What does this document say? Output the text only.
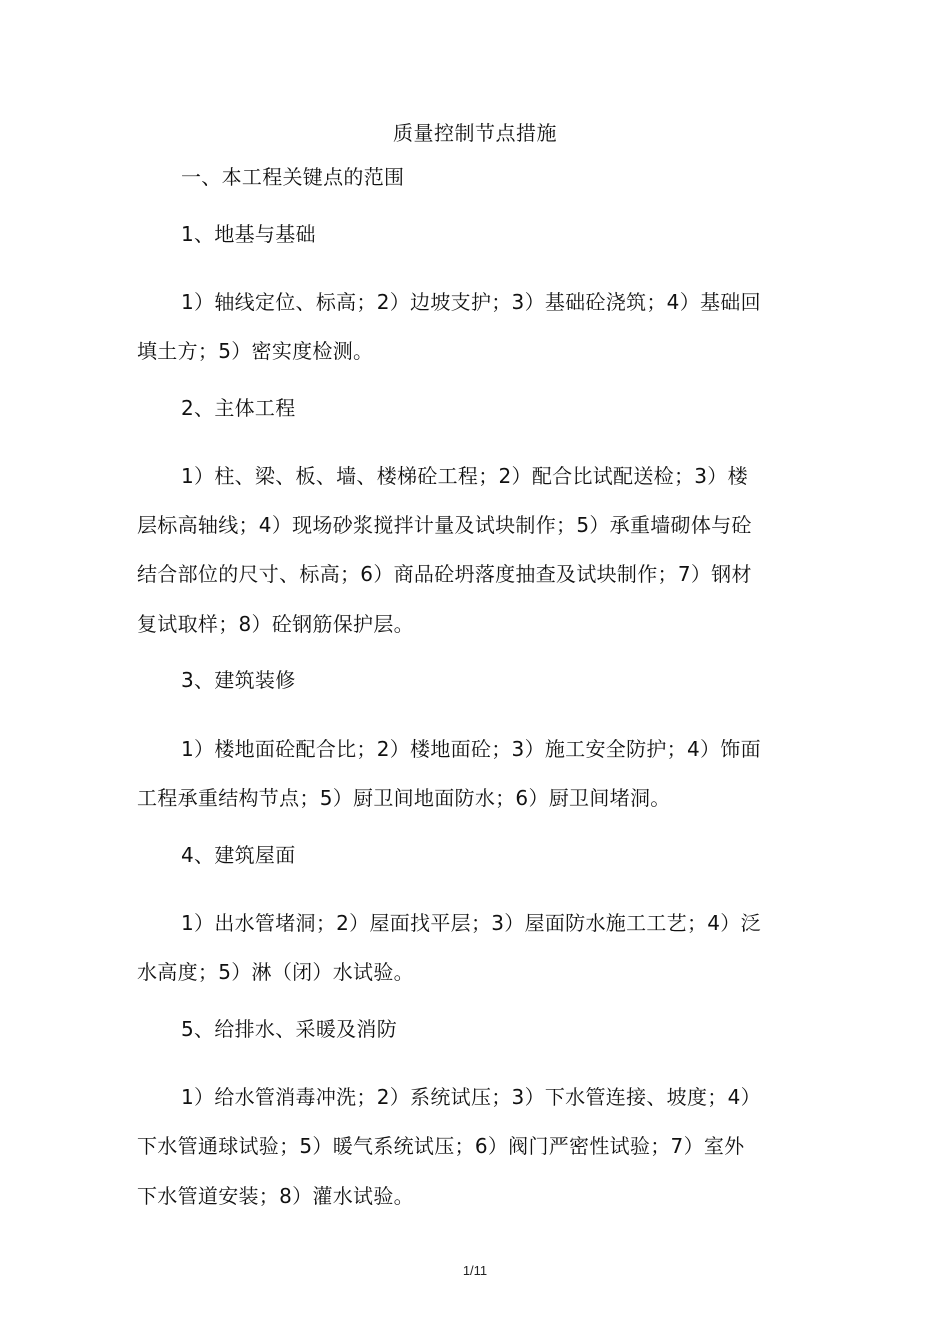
质量控制节点措施
一、本工程关键点的范围
1、地基与基础
1）轴线定位、标高；2）边坡支护；3）基础砼浇筑；4）基础回
填土方；5）密实度检测。
2、主体工程
1）柱、梁、板、墙、楼梯砼工程；2）配合比试配送检；3）楼
层标高轴线；4）现场砂浆搅拌计量及试块制作；5）承重墙砌体与砼
结合部位的尺寸、标高；6）商品砼坍落度抽查及试块制作；7）钢材
复试取样；8）砼钢筋保护层。
3、建筑装修
1）楼地面砼配合比；2）楼地面砼；3）施工安全防护；4）饰面
工程承重结构节点；5）厨卫间地面防水；6）厨卫间堵洞。
4、建筑屋面
1）出水管堵洞；2）屋面找平层；3）屋面防水施工工艺；4）泛
水高度；5）淋（闭）水试验。
5、给排水、采暖及消防
1）给水管消毒冲洗；2）系统试压；3）下水管连接、坡度；4）
下水管通球试验；5）暖气系统试压；6）阀门严密性试验；7）室外
下水管道安装；8）灌水试验。
1/11
